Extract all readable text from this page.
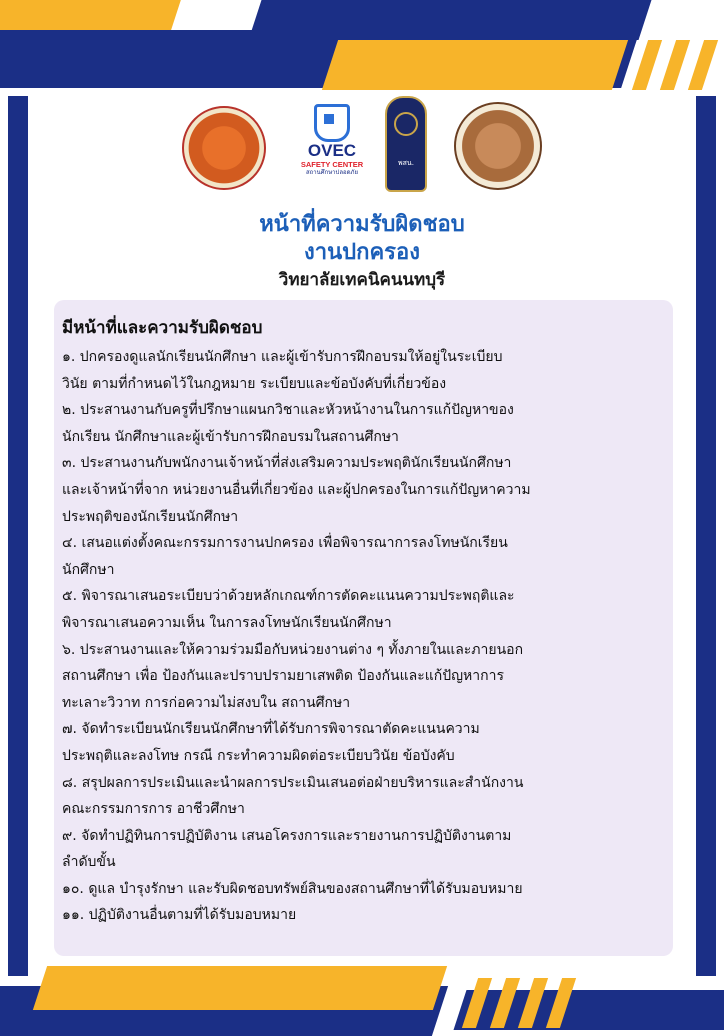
OVEC
SAFETY CENTER
สถานศึกษาปลอดภัย
พสน.
หน้าที่ความรับผิดชอบ
งานปกครอง
วิทยาลัยเทคนิคนนทบุรี
มีหน้าที่และความรับผิดชอบ
๑. ปกครองดูแลนักเรียนนักศึกษา และผู้เข้ารับการฝึกอบรมให้อยู่ในระเบียบ
วินัย ตามที่กำหนดไว้ในกฎหมาย ระเบียบและข้อบังคับที่เกี่ยวข้อง
๒. ประสานงานกับครูที่ปรึกษาแผนกวิชาและหัวหน้างานในการแก้ปัญหาของ
นักเรียน นักศึกษาและผู้เข้ารับการฝึกอบรมในสถานศึกษา
๓. ประสานงานกับพนักงานเจ้าหน้าที่ส่งเสริมความประพฤตินักเรียนนักศึกษา
และเจ้าหน้าที่จาก หน่วยงานอื่นที่เกี่ยวข้อง และผู้ปกครองในการแก้ปัญหาความ
ประพฤติของนักเรียนนักศึกษา
๔. เสนอแต่งตั้งคณะกรรมการงานปกครอง เพื่อพิจารณาการลงโทษนักเรียน
นักศึกษา
๕. พิจารณาเสนอระเบียบว่าด้วยหลักเกณฑ์การตัดคะแนนความประพฤติและ
พิจารณาเสนอความเห็น ในการลงโทษนักเรียนนักศึกษา
๖. ประสานงานและให้ความร่วมมือกับหน่วยงานต่าง ๆ ทั้งภายในและภายนอก
สถานศึกษา เพื่อ ป้องกันและปราบปรามยาเสพติด ป้องกันและแก้ปัญหาการ
ทะเลาะวิวาท การก่อความไม่สงบใน สถานศึกษา
๗. จัดทำระเบียนนักเรียนนักศึกษาที่ได้รับการพิจารณาตัดคะแนนความ
ประพฤติและลงโทษ กรณี กระทำความผิดต่อระเบียบวินัย ข้อบังคับ
๘. สรุปผลการประเมินและนำผลการประเมินเสนอต่อฝ่ายบริหารและสำนักงาน
คณะกรรมการการ อาชีวศึกษา
๙. จัดทำปฏิทินการปฏิบัติงาน เสนอโครงการและรายงานการปฏิบัติงานตาม
ลำดับขั้น
๑๐. ดูแล บำรุงรักษา และรับผิดชอบทรัพย์สินของสถานศึกษาที่ได้รับมอบหมาย
๑๑. ปฏิบัติงานอื่นตามที่ได้รับมอบหมาย
